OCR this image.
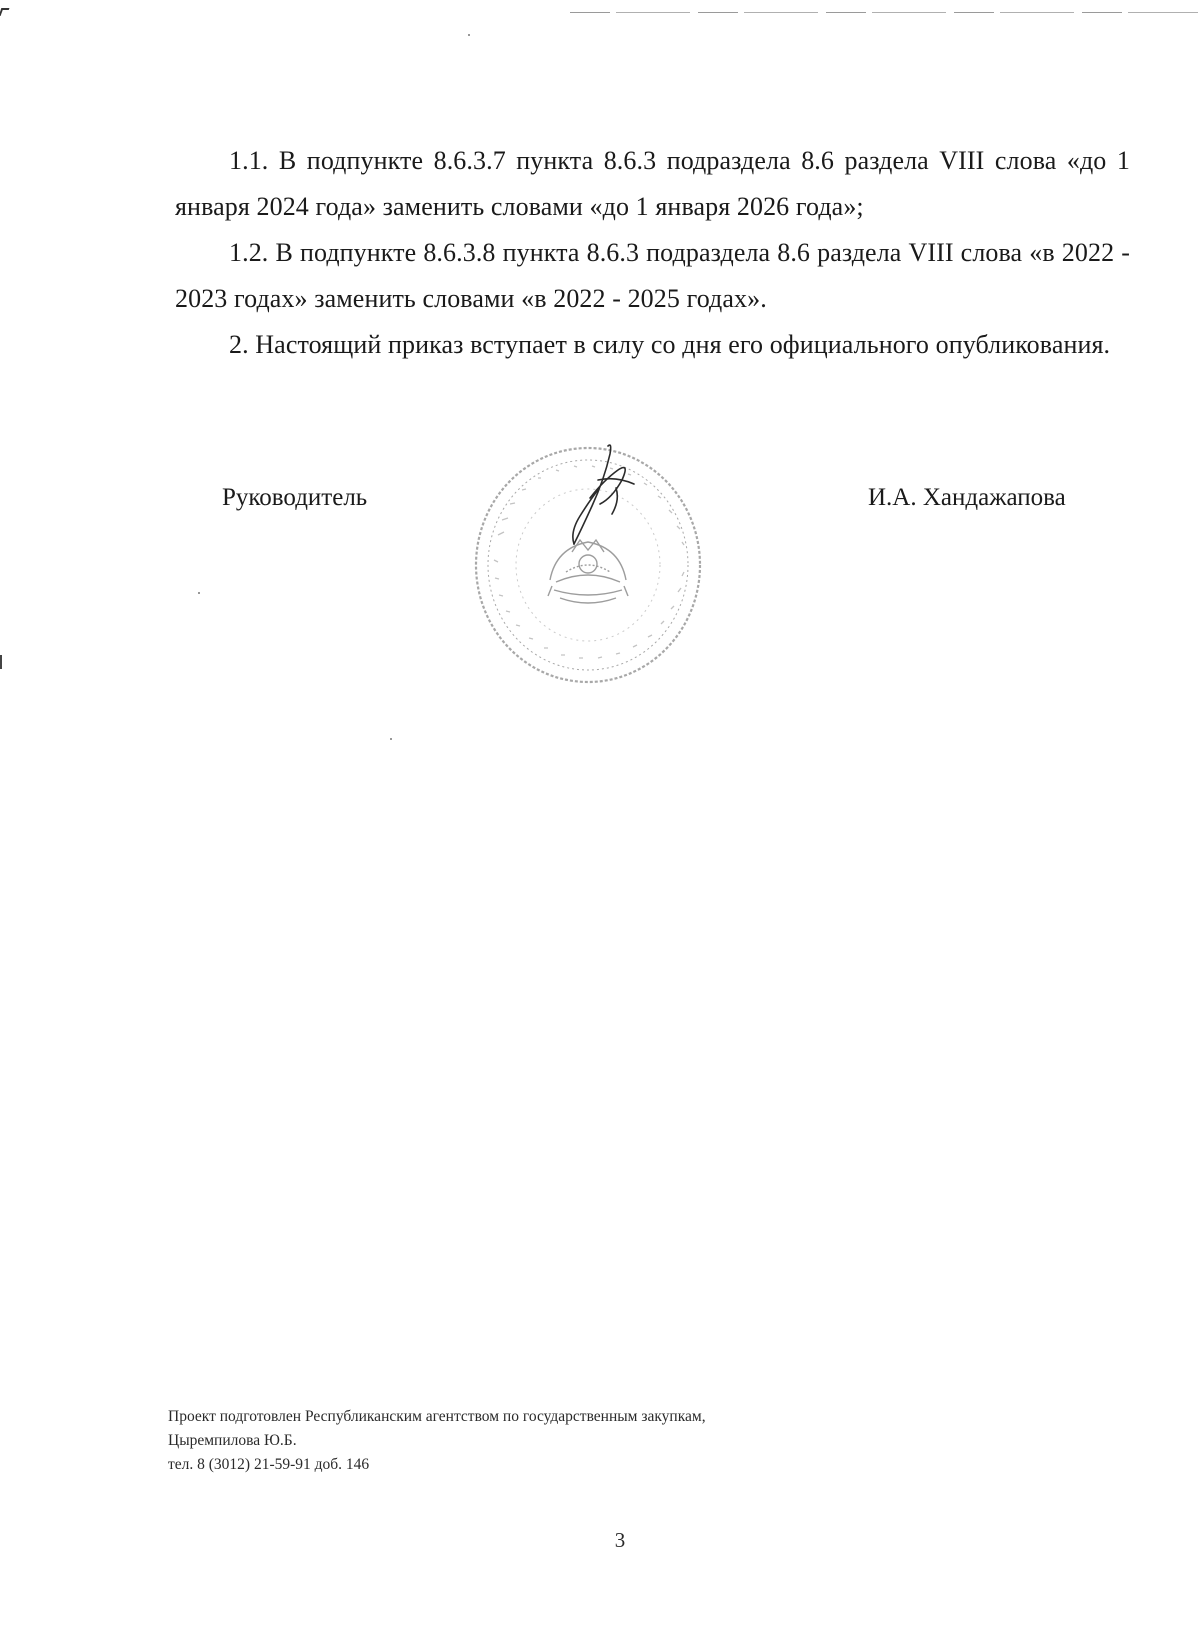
1.1. В подпункте 8.6.3.7 пункта 8.6.3 подраздела 8.6 раздела VIII слова «до 1 января 2024 года» заменить словами «до 1 января 2026 года»;

1.2. В подпункте 8.6.3.8 пункта 8.6.3 подраздела 8.6 раздела VIII слова «в 2022 - 2023 годах» заменить словами «в 2022 - 2025 годах».

2. Настоящий приказ вступает в силу со дня его официального опубликования.

Руководитель	И.А. Хандажапова
Проект подготовлен Республиканским агентством по государственным закупкам,
Цыремпилова Ю.Б.
тел. 8 (3012) 21-59-91 доб. 146
3
